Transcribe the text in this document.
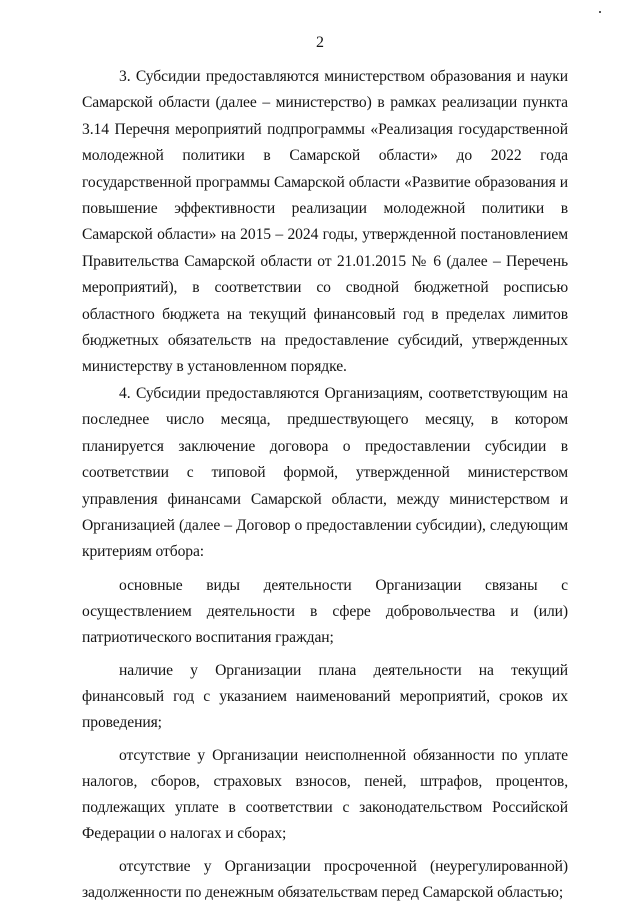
2

3. Субсидии предоставляются министерством образования и науки Самарской области (далее – министерство) в рамках реализации пункта 3.14 Перечня мероприятий подпрограммы «Реализация государственной молодежной политики в Самарской области» до 2022 года государственной программы Самарской области «Развитие образования и повышение эффективности реализации молодежной политики в Самарской области» на 2015 – 2024 годы, утвержденной постановлением Правительства Самарской области от 21.01.2015 № 6 (далее – Перечень мероприятий), в соответствии со сводной бюджетной росписью областного бюджета на текущий финансовый год в пределах лимитов бюджетных обязательств на предоставление субсидий, утвержденных министерству в установленном порядке.

4. Субсидии предоставляются Организациям, соответствующим на последнее число месяца, предшествующего месяцу, в котором планируется заключение договора о предоставлении субсидии в соответствии с типовой формой, утвержденной министерством управления финансами Самарской области, между министерством и Организацией (далее – Договор о предоставлении субсидии), следующим критериям отбора:

основные виды деятельности Организации связаны с осуществлением деятельности в сфере добровольчества и (или) патриотического воспитания граждан;

наличие у Организации плана деятельности на текущий финансовый год с указанием наименований мероприятий, сроков их проведения;

отсутствие у Организации неисполненной обязанности по уплате налогов, сборов, страховых взносов, пеней, штрафов, процентов, подлежащих уплате в соответствии с законодательством Российской Федерации о налогах и сборах;

отсутствие у Организации просроченной (неурегулированной) задолженности по денежным обязательствам перед Самарской областью;
